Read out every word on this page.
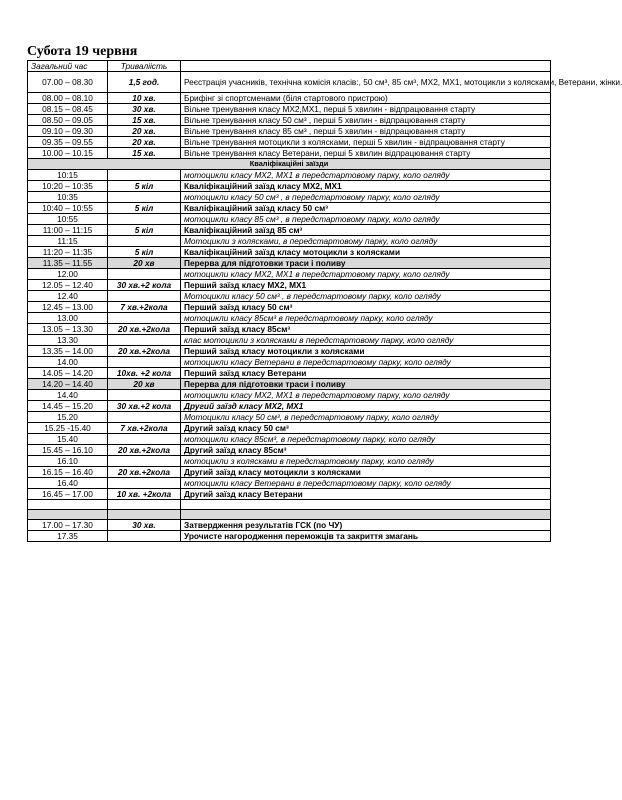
Субота 19 червня
Загальний час	Триваліість	
07.00 – 08.30	1,5 год.	Реєстрація учасників, технічна комісія класів:, 50 см³, 85 см³, МХ2, МХ1, мотоцикли з колясками, Ветерани, жінки.
08.00 – 08.10	10 хв.	Брифінг зі спортсменами (біля стартового пристрою)
08.15 – 08.45	30 хв.	Вільне тренування класу МХ2,МХ1, перші 5 хвилин - відпрацювання старту
08.50 – 09.05	15 хв.	Вільне тренування класу 50 см³ , перші 5 хвилин - відпрацювання старту
09.10 – 09.30	20 хв.	Вільне тренування класу 85 см³ , перші 5 хвилин - відпрацювання старту
09.35 – 09.55	20 хв.	Вільне тренування мотоцикли з колясками, перші 5 хвилин - відпрацювання старту
10.00 – 10.15	15 хв.	Вільне тренування класу Ветерани, перші 5 хвилин відпрацювання старту
Кваліфікаційні заїзди		
10:15		мотоцикли класу МХ2, МХ1 в передстартовому парку, коло огляду
10:20 – 10:35	5 кіл	Кваліфікаційний заїзд класу МХ2, МХ1
10:35		мотоцикли класу 50 см³ , в передстартовому парку, коло огляду
10:40 – 10:55	5 кіл	Кваліфікаційний заїзд класу 50 см³
10:55		мотоцикли класу 85 см³ , в передстартовому парку, коло огляду
11:00 – 11:15	5 кіл	Кваліфікаційний заїзд 85 см³
11:15		Мотоцикли з колясками, в передстартовому парку, коло огляду
11:20 – 11:35	5 кіл	Кваліфікаційний заїзд класу мотоцикли з колясками
11.35 – 11.55	20 хв	Перерва для підготовки траси і поливу
12.00		мотоцикли класу МХ2, МХ1 в передстартовому парку, коло огляду
12.05 – 12.40	30 хв.+2 кола	Перший заїзд класу МХ2, МХ1
12.40		Мотоцикли класу 50 см³ , в передстартовому парку, коло огляду
12.45 – 13.00	7 хв.+2кола	Перший заїзд класу 50 см³
13.00		мотоцикли класу 85см³ в передстартовому парку, коло огляду
13.05 – 13.30	20 хв.+2кола	Перший заїзд класу 85см³
13.30		клас мотоцикли з колясками в передстартовому парку, коло огляду
13.35 – 14.00	20 хв.+2кола	Перший заїзд класу мотоцикли з колясками
14.00		мотоцикли класу Ветерани в передстартовому парку, коло огляду
14.05 – 14.20	10хв. +2 кола	Перший заїзд класу Ветерани
14.20 – 14.40	20 хв	Перерва для підготовки траси і поливу
14.40		мотоцикли класу МХ2, МХ1 в передстартовому парку, коло огляду
14.45 – 15.20	30 хв.+2 кола	Другий заїзд класу МХ2, МХ1
15.20		Мотоцикли класу 50 см³, в передстартовому парку, коло огляду
15.25 -15.40	7 хв.+2кола	Другий заїзд класу 50 см³
15.40		мотоцикли класу 85см³, в передстартовому парку, коло огляду
15.45 – 16.10	20 хв.+2кола	Другий заїзд класу 85см³
16.10		мотоцикли з колясками в передстартовому парку, коло огляду
16.15 – 16.40	20 хв.+2кола	Другий заїзд класу мотоцикли з колясками
16.40		мотоцикли класу Ветерани в передстартовому парку, коло огляду
16.45 – 17.00	10 хв. +2кола	Другий заїзд класу Ветерани

17.00 – 17.30	30 хв.	Затвердження результатів ГСК (по ЧУ)
17.35		Урочисте нагородження переможців та закриття змагань
